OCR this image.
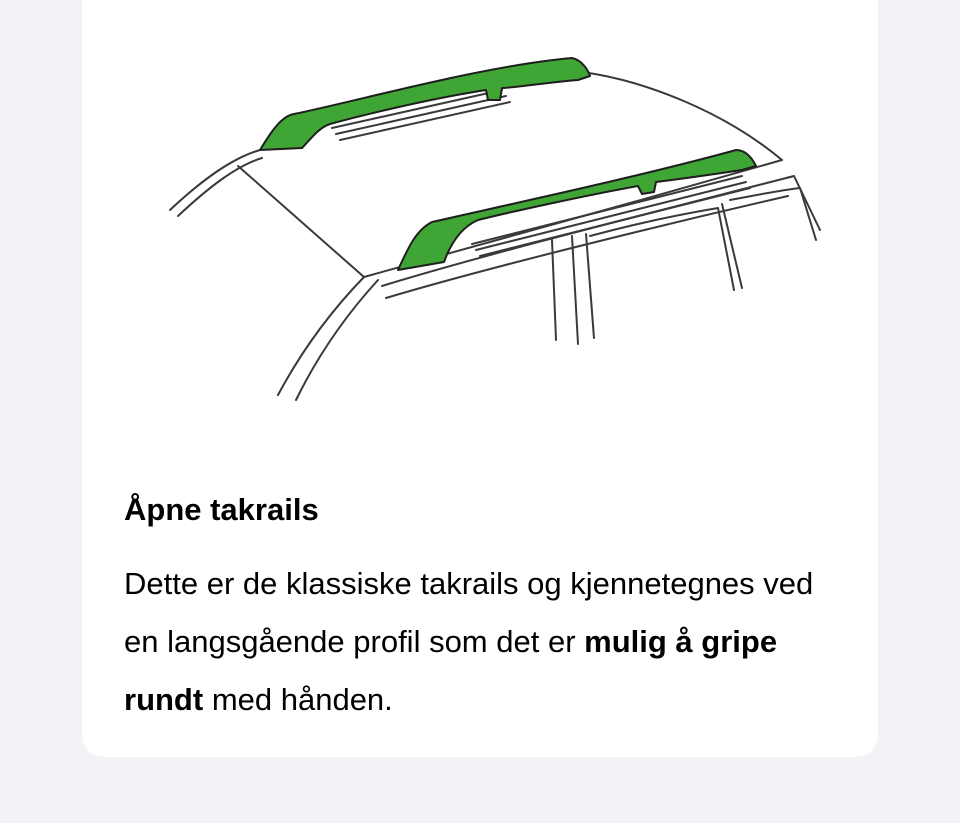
Åpne takrails

Dette er de klassiske takrails og kjennetegnes ved en langsgående profil som det er mulig å gripe rundt med hånden.
